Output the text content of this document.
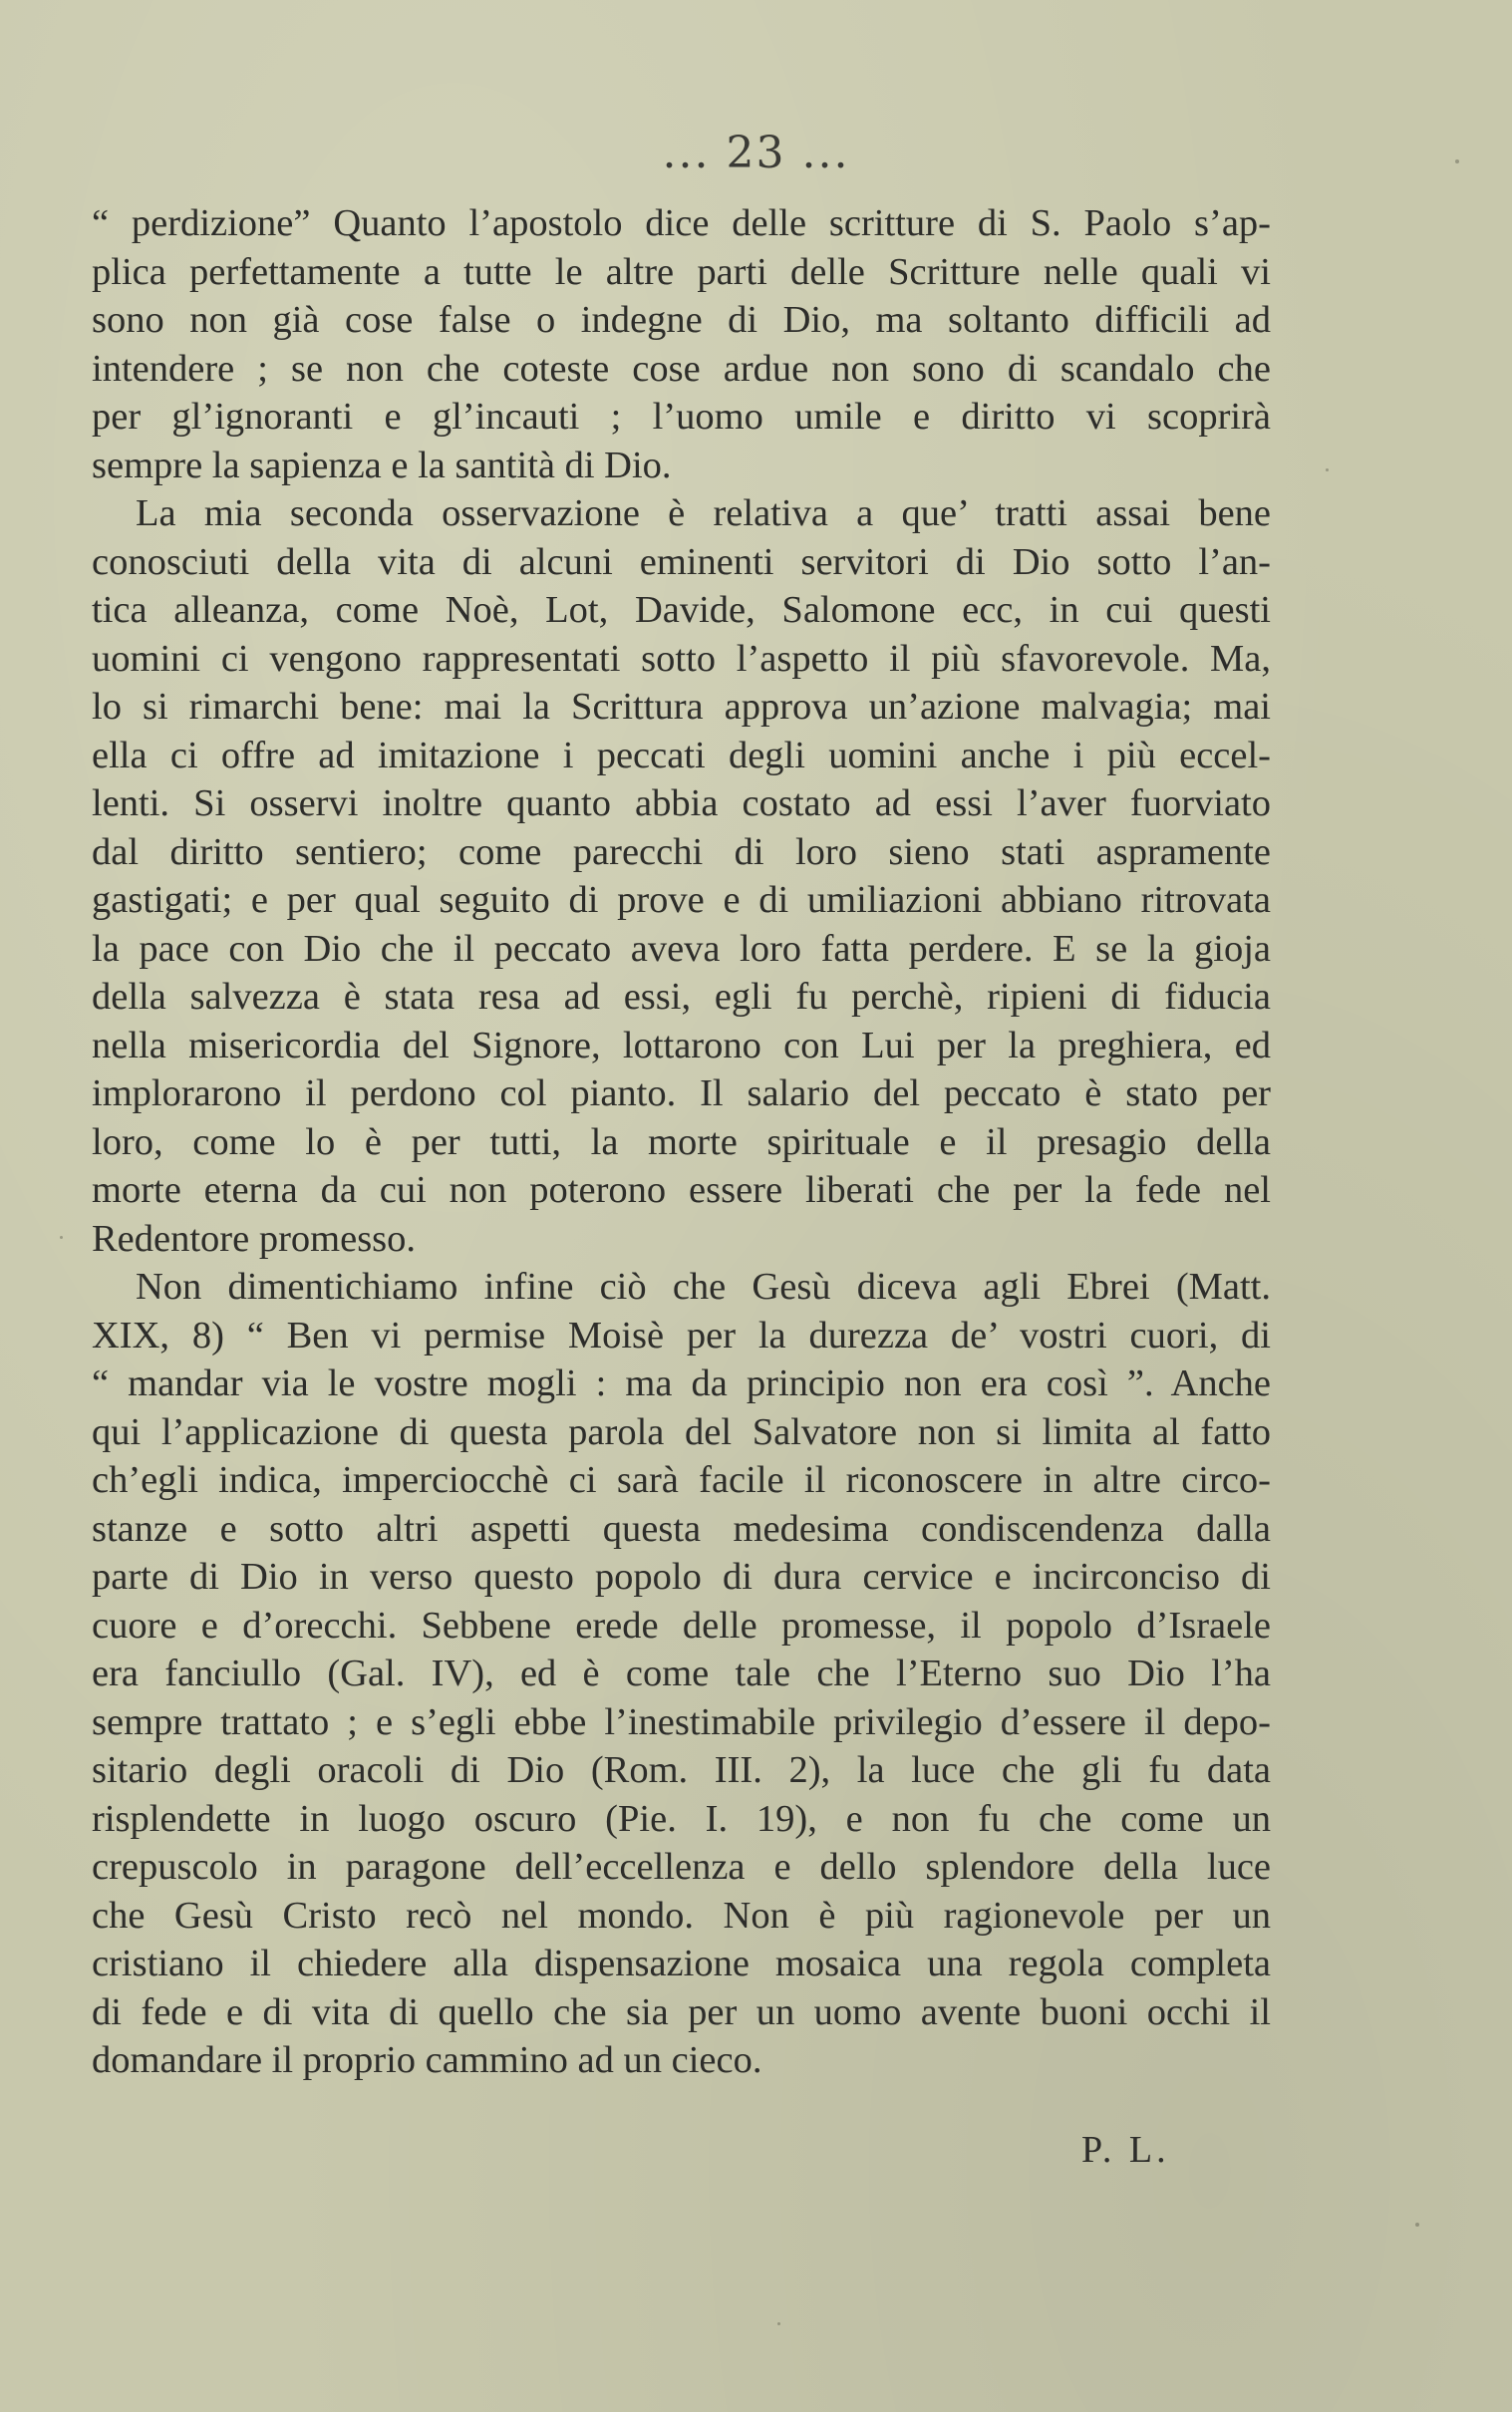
... 23 ...
“ perdizione” Quanto l’apostolo dice delle scritture di S. Paolo s’ap-
plica perfettamente a tutte le altre parti delle Scritture nelle quali vi
sono non già cose false o indegne di Dio, ma soltanto difficili ad
intendere ; se non che coteste cose ardue non sono di scandalo che
per gl’ignoranti e gl’incauti ; l’uomo umile e diritto vi scoprirà
sempre la sapienza e la santità di Dio.
La mia seconda osservazione è relativa a que’ tratti assai bene
conosciuti della vita di alcuni eminenti servitori di Dio sotto l’an-
tica alleanza, come Noè, Lot, Davide, Salomone ecc, in cui questi
uomini ci vengono rappresentati sotto l’aspetto il più sfavorevole. Ma,
lo si rimarchi bene: mai la Scrittura approva un’azione malvagia; mai
ella ci offre ad imitazione i peccati degli uomini anche i più eccel-
lenti. Si osservi inoltre quanto abbia costato ad essi l’aver fuorviato
dal diritto sentiero; come parecchi di loro sieno stati aspramente
gastigati; e per qual seguito di prove e di umiliazioni abbiano ritrovata
la pace con Dio che il peccato aveva loro fatta perdere. E se la gioja
della salvezza è stata resa ad essi, egli fu perchè, ripieni di fiducia
nella misericordia del Signore, lottarono con Lui per la preghiera, ed
implorarono il perdono col pianto. Il salario del peccato è stato per
loro, come lo è per tutti, la morte spirituale e il presagio della
morte eterna da cui non poterono essere liberati che per la fede nel
Redentore promesso.
Non dimentichiamo infine ciò che Gesù diceva agli Ebrei (Matt.
XIX, 8) “ Ben vi permise Moisè per la durezza de’ vostri cuori, di
“ mandar via le vostre mogli : ma da principio non era così ”. Anche
qui l’applicazione di questa parola del Salvatore non si limita al fatto
ch’egli indica, imperciocchè ci sarà facile il riconoscere in altre circo-
stanze e sotto altri aspetti questa medesima condiscendenza dalla
parte di Dio in verso questo popolo di dura cervice e incirconciso di
cuore e d’orecchi. Sebbene erede delle promesse, il popolo d’Israele
era fanciullo (Gal. IV), ed è come tale che l’Eterno suo Dio l’ha
sempre trattato ; e s’egli ebbe l’inestimabile privilegio d’essere il depo-
sitario degli oracoli di Dio (Rom. III. 2), la luce che gli fu data
risplendette in luogo oscuro (Pie. I. 19), e non fu che come un
crepuscolo in paragone dell’eccellenza e dello splendore della luce
che Gesù Cristo recò nel mondo. Non è più ragionevole per un
cristiano il chiedere alla dispensazione mosaica una regola completa
di fede e di vita di quello che sia per un uomo avente buoni occhi il
domandare il proprio cammino ad un cieco.
P. L.
